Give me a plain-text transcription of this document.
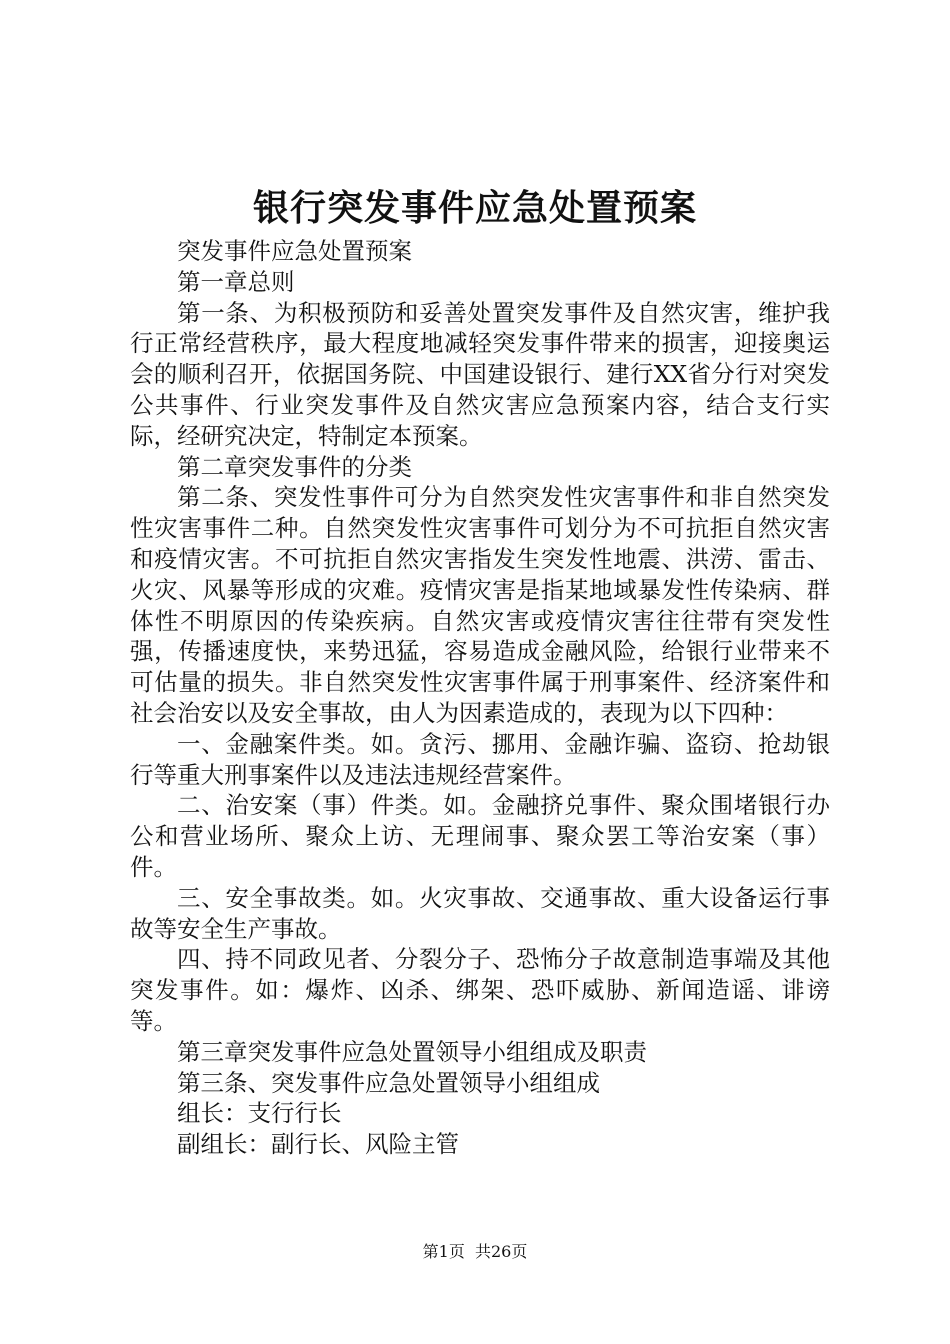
银行突发事件应急处置预案

突发事件应急处置预案

第一章总则

第一条、为积极预防和妥善处置突发事件及自然灾害，维护我行正常经营秩序，最大程度地减轻突发事件带来的损害，迎接奥运会的顺利召开，依据国务院、中国建设银行、建行XX省分行对突发公共事件、行业突发事件及自然灾害应急预案内容，结合支行实际，经研究决定，特制定本预案。

第二章突发事件的分类

第二条、突发性事件可分为自然突发性灾害事件和非自然突发性灾害事件二种。自然突发性灾害事件可划分为不可抗拒自然灾害和疫情灾害。不可抗拒自然灾害指发生突发性地震、洪涝、雷击、火灾、风暴等形成的灾难。疫情灾害是指某地域暴发性传染病、群体性不明原因的传染疾病。自然灾害或疫情灾害往往带有突发性强，传播速度快，来势迅猛，容易造成金融风险，给银行业带来不可估量的损失。非自然突发性灾害事件属于刑事案件、经济案件和社会治安以及安全事故，由人为因素造成的，表现为以下四种：

一、金融案件类。如。贪污、挪用、金融诈骗、盗窃、抢劫银行等重大刑事案件以及违法违规经营案件。

二、治安案（事）件类。如。金融挤兑事件、聚众围堵银行办公和营业场所、聚众上访、无理闹事、聚众罢工等治安案（事）件。

三、安全事故类。如。火灾事故、交通事故、重大设备运行事故等安全生产事故。

四、持不同政见者、分裂分子、恐怖分子故意制造事端及其他突发事件。如：爆炸、凶杀、绑架、恐吓威胁、新闻造谣、诽谤等。

第三章突发事件应急处置领导小组组成及职责

第三条、突发事件应急处置领导小组组成

组长：支行行长

副组长：副行长、风险主管

第1页  共26页
